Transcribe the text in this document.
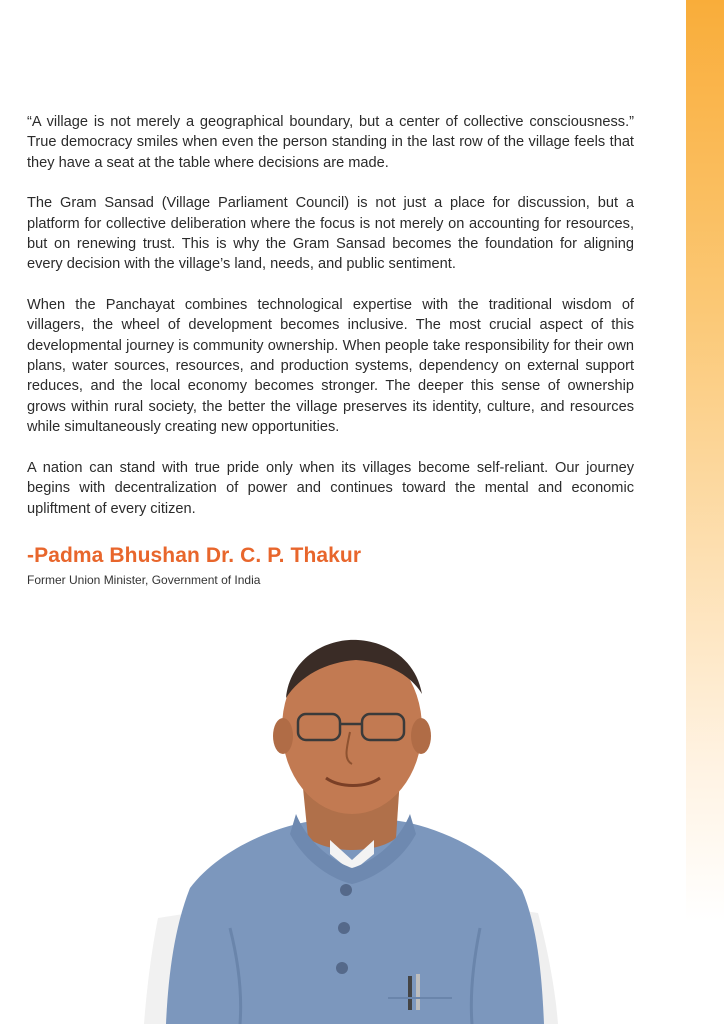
“A village is not merely a geographical boundary, but a center of collective consciousness.” True democracy smiles when even the person standing in the last row of the village feels that they have a seat at the table where decisions are made.

The Gram Sansad (Village Parliament Council) is not just a place for discussion, but a platform for collective deliberation where the focus is not merely on accounting for resources, but on renewing trust. This is why the Gram Sansad becomes the foundation for aligning every decision with the village’s land, needs, and public sentiment.

When the Panchayat combines technological expertise with the traditional wisdom of villagers, the wheel of development becomes inclusive. The most crucial aspect of this developmental journey is community ownership. When people take responsibility for their own plans, water sources, resources, and production systems, dependency on external support reduces, and the local economy becomes stronger. The deeper this sense of ownership grows within rural society, the better the village preserves its identity, culture, and resources while simultaneously creating new opportunities.

A nation can stand with true pride only when its villages become self-reliant. Our journey begins with decentralization of power and continues toward the mental and economic upliftment of every citizen.

-Padma Bhushan Dr. C. P. Thakur
Former Union Minister, Government of India
